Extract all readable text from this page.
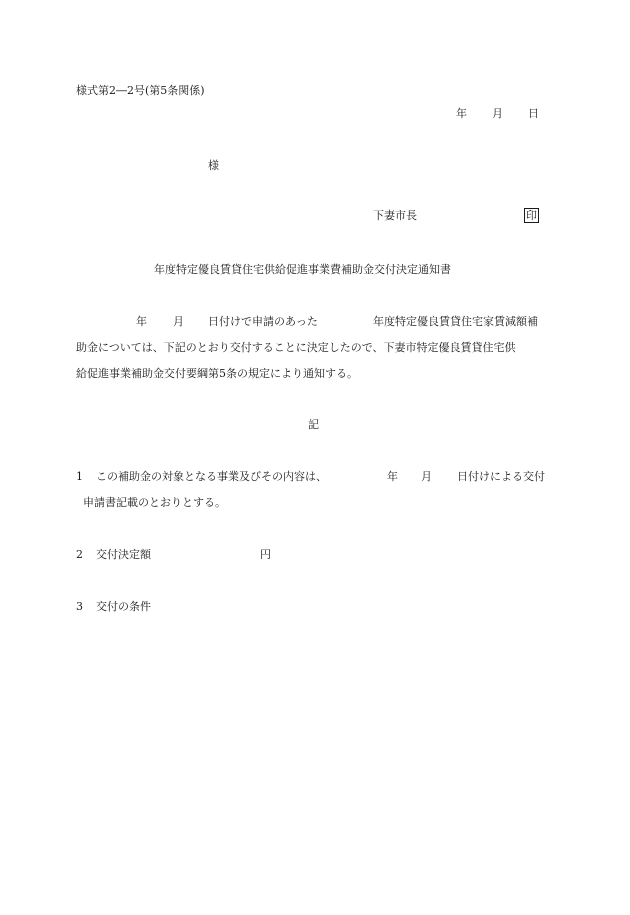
様式第2―2号(第5条関係)
年 月 日
様
下妻市長	印
年度特定優良賃貸住宅供給促進事業費補助金交付決定通知書
年 月 日付けで申請のあった	年度特定優良賃貸住宅家賃減額補
助金については、下記のとおり交付することに決定したので、下妻市特定優良賃貸住宅供
給促進事業補助金交付要綱第5条の規定により通知する。
記
1 この補助金の対象となる事業及びその内容は、	年 月 日付けによる交付
申請書記載のとおりとする。
2 交付決定額	円
3 交付の条件
